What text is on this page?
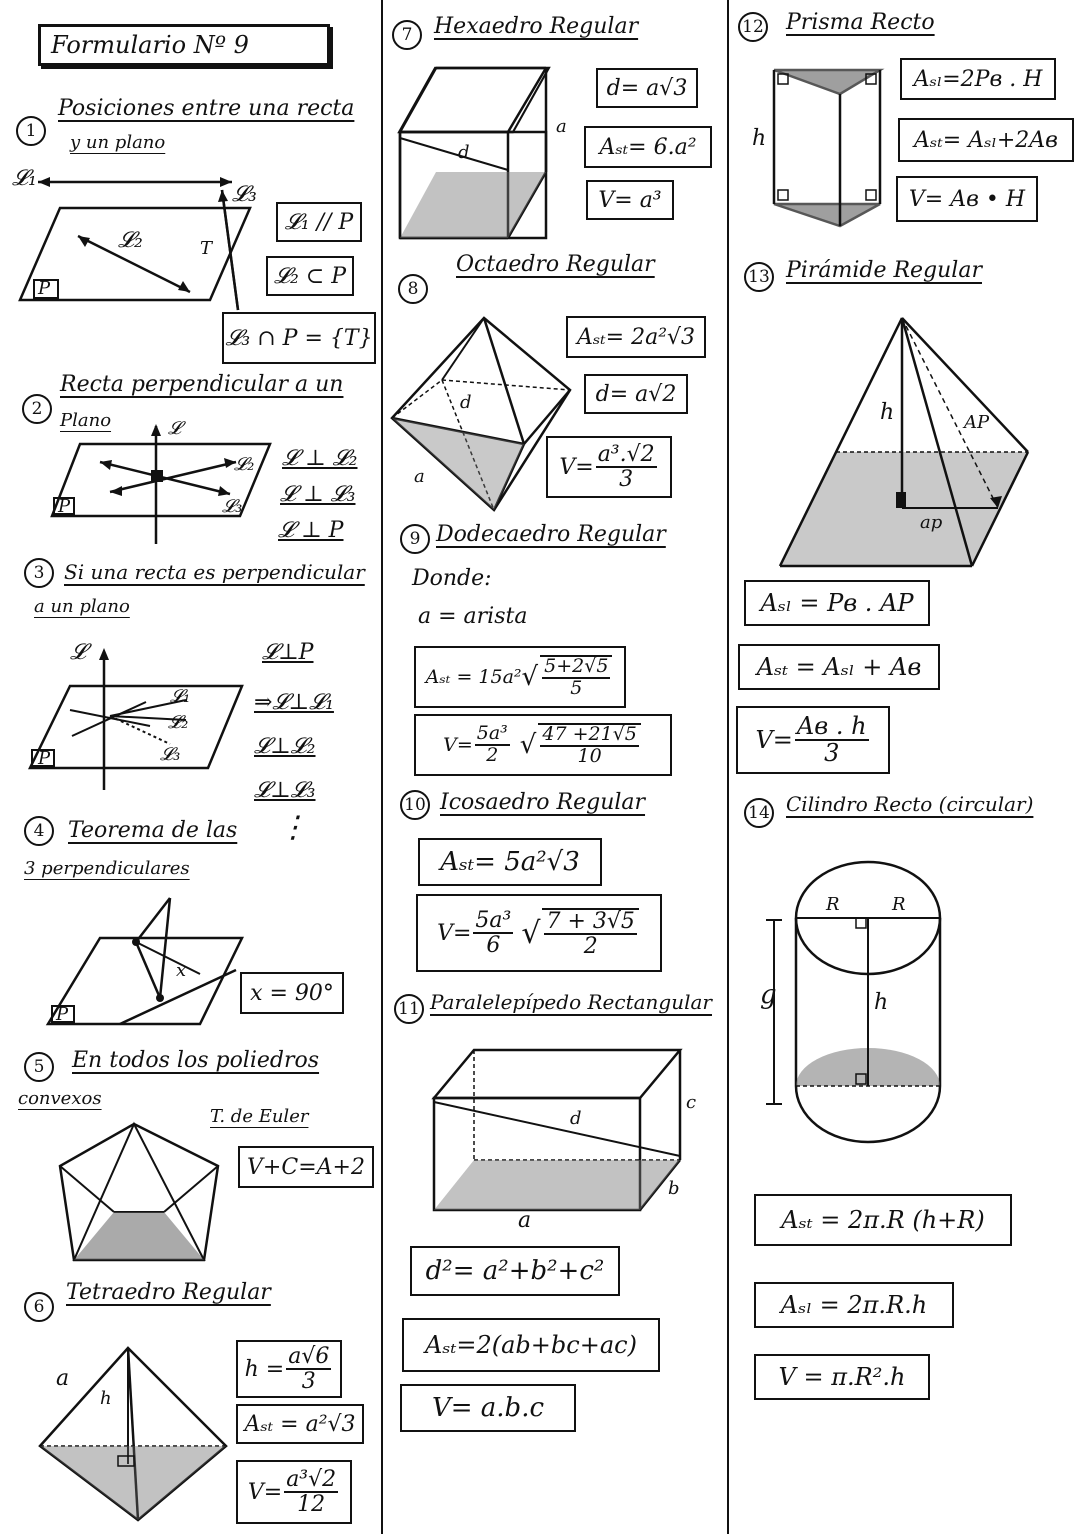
Formulario Nº 9
1
Posiciones entre una recta
y un plano
𝓛₁
𝓛₂
𝓛₃
T
P
𝓛₁ // P
𝓛₂ ⊂ P
𝓛₃ ∩ P = {T}
2
Recta perpendicular a un
Plano	𝓛
𝓛₂
𝓛₃
P
𝓛 ⊥ 𝓛₂
𝓛 ⊥ 𝓛₃
𝓛 ⊥ P
3 Si una recta es perpendicular
a un plano
𝓛
𝓛₁
𝓛₂
𝓛₃
P
𝓛⊥P
⇒𝓛⊥𝓛₁
𝓛⊥𝓛₂
𝓛⊥𝓛₃
⋮
4	Teorema de las
3 perpendiculares
x
P
x = 90°
5	En todos los poliedros
convexos
T. de Euler
V+C=A+2
6
Tetraedro Regular
a
h
$h = \frac{a√6}{3}$
Aₛₜ = a²√3
$V= \frac{\text{a³√2}}{12}$
7 Hexaedro Regular
d
a
d= a√3
Aₛₜ= 6.a²
V= a³
8
Octaedro Regular
d
a
Aₛₜ= 2a²√3
d= a√2
$V= \frac{\text{a³.√2}}{3}$
9 Dodecaedro Regular
Donde:
a = arista
Aₛₜ = 15a² √ $\frac{5+2√5}{5}$
$V= \frac{\text{5a³}}{2}$ √ $\frac{47 +21√5}{10}$
10 Icosaedro Regular
Aₛₜ= 5a²√3
$V= \frac{\text{5a³}}{6}$ √ $\frac{7 + 3√5}{2}$
11 Paralelepípedo Rectangular
d
c
b
a
d²= a²+b²+c²
Aₛₜ=2(ab+bc+ac)
V= a.b.c
12 Prisma Recto
h
Aₛₗ=2Pв . H
Aₛₜ= Aₛₗ+2Aв
V= Aв • H
13 Pirámide Regular
h	AP
ap
Aₛₗ = Pв . AP
Aₛₜ = Aₛₗ + Aв
$V= \frac{Aв . h}{3}$
14 Cilindro Recto (circular)
R	R
g	h
Aₛₜ = 2π.R (h+R)
Aₛₗ = 2π.R.h
V = π.R².h
